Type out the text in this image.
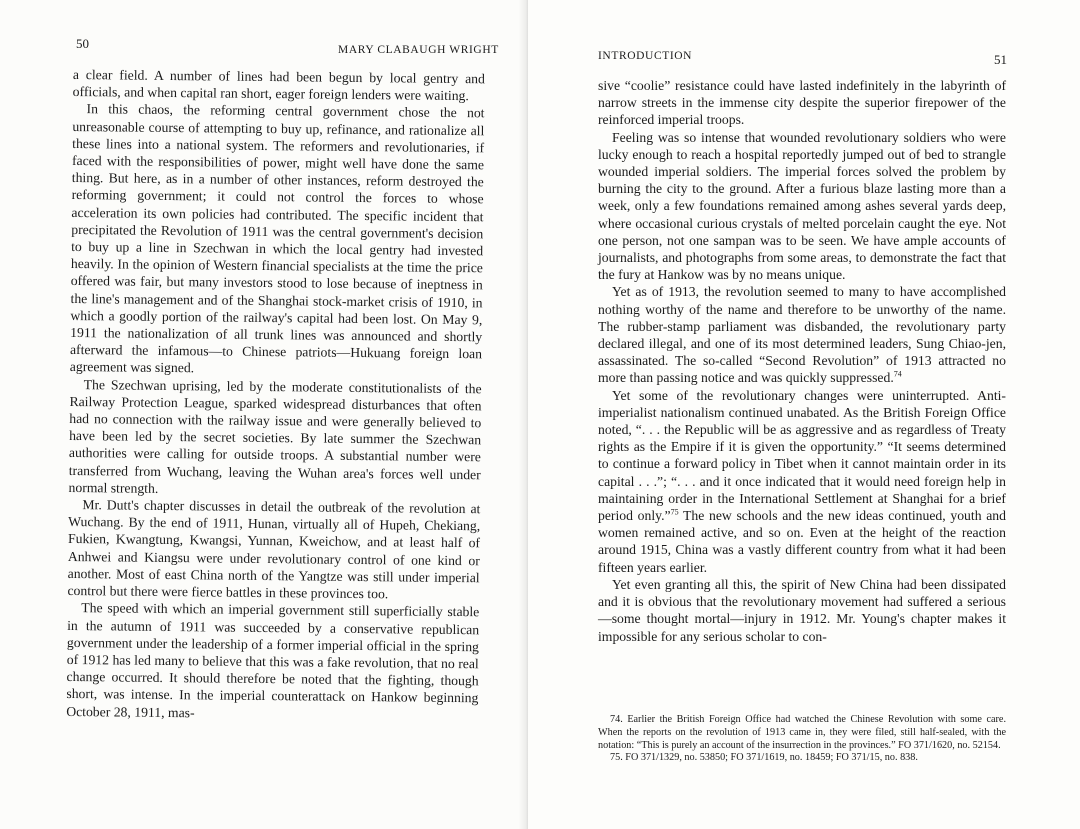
50	MARY CLABAUGH WRIGHT

a clear field. A number of lines had been begun by local gentry and officials, and when capital ran short, eager foreign lenders were waiting.

In this chaos, the reforming central government chose the not unreasonable course of attempting to buy up, refinance, and rationalize all these lines into a national system. The reformers and revolutionaries, if faced with the responsibilities of power, might well have done the same thing. But here, as in a number of other instances, reform destroyed the reforming government; it could not control the forces to whose acceleration its own policies had contributed. The specific incident that precipitated the Revolution of 1911 was the central government's decision to buy up a line in Szechwan in which the local gentry had invested heavily. In the opinion of Western financial specialists at the time the price offered was fair, but many investors stood to lose because of ineptness in the line's management and of the Shanghai stock-market crisis of 1910, in which a goodly portion of the railway's capital had been lost. On May 9, 1911 the nationalization of all trunk lines was announced and shortly afterward the infamous—to Chinese patriots—Hukuang foreign loan agreement was signed.

The Szechwan uprising, led by the moderate constitutionalists of the Railway Protection League, sparked widespread disturbances that often had no connection with the railway issue and were generally believed to have been led by the secret societies. By late summer the Szechwan authorities were calling for outside troops. A substantial number were transferred from Wuchang, leaving the Wuhan area's forces well under normal strength.

Mr. Dutt's chapter discusses in detail the outbreak of the revolution at Wuchang. By the end of 1911, Hunan, virtually all of Hupeh, Chekiang, Fukien, Kwangtung, Kwangsi, Yunnan, Kweichow, and at least half of Anhwei and Kiangsu were under revolutionary control of one kind or another. Most of east China north of the Yangtze was still under imperial control but there were fierce battles in these provinces too.

The speed with which an imperial government still superficially stable in the autumn of 1911 was succeeded by a conservative republican government under the leadership of a former imperial official in the spring of 1912 has led many to believe that this was a fake revolution, that no real change occurred. It should therefore be noted that the fighting, though short, was intense. In the imperial counterattack on Hankow beginning October 28, 1911, mas-

INTRODUCTION	51

sive “coolie” resistance could have lasted indefinitely in the labyrinth of narrow streets in the immense city despite the superior firepower of the reinforced imperial troops.

Feeling was so intense that wounded revolutionary soldiers who were lucky enough to reach a hospital reportedly jumped out of bed to strangle wounded imperial soldiers. The imperial forces solved the problem by burning the city to the ground. After a furious blaze lasting more than a week, only a few foundations remained among ashes several yards deep, where occasional curious crystals of melted porcelain caught the eye. Not one person, not one sampan was to be seen. We have ample accounts of journalists, and photographs from some areas, to demonstrate the fact that the fury at Hankow was by no means unique.

Yet as of 1913, the revolution seemed to many to have accomplished nothing worthy of the name and therefore to be unworthy of the name. The rubber-stamp parliament was disbanded, the revolutionary party declared illegal, and one of its most determined leaders, Sung Chiao-jen, assassinated. The so-called “Second Revolution” of 1913 attracted no more than passing notice and was quickly suppressed.$^{74}$

Yet some of the revolutionary changes were uninterrupted. Anti-imperialist nationalism continued unabated. As the British Foreign Office noted, “. . . the Republic will be as aggressive and as regardless of Treaty rights as the Empire if it is given the opportunity.” “It seems determined to continue a forward policy in Tibet when it cannot maintain order in its capital . . .”; “. . . and it once indicated that it would need foreign help in maintaining order in the International Settlement at Shanghai for a brief period only.”$^{75}$ The new schools and the new ideas continued, youth and women remained active, and so on. Even at the height of the reaction around 1915, China was a vastly different country from what it had been fifteen years earlier.

Yet even granting all this, the spirit of New China had been dissipated and it is obvious that the revolutionary movement had suffered a serious—some thought mortal—injury in 1912. Mr. Young's chapter makes it impossible for any serious scholar to con-

74. Earlier the British Foreign Office had watched the Chinese Revolution with some care. When the reports on the revolution of 1913 came in, they were filed, still half-sealed, with the notation: “This is purely an account of the insurrection in the provinces.” FO 371/1620, no. 52154.

75. FO 371/1329, no. 53850; FO 371/1619, no. 18459; FO 371/15, no. 838.
